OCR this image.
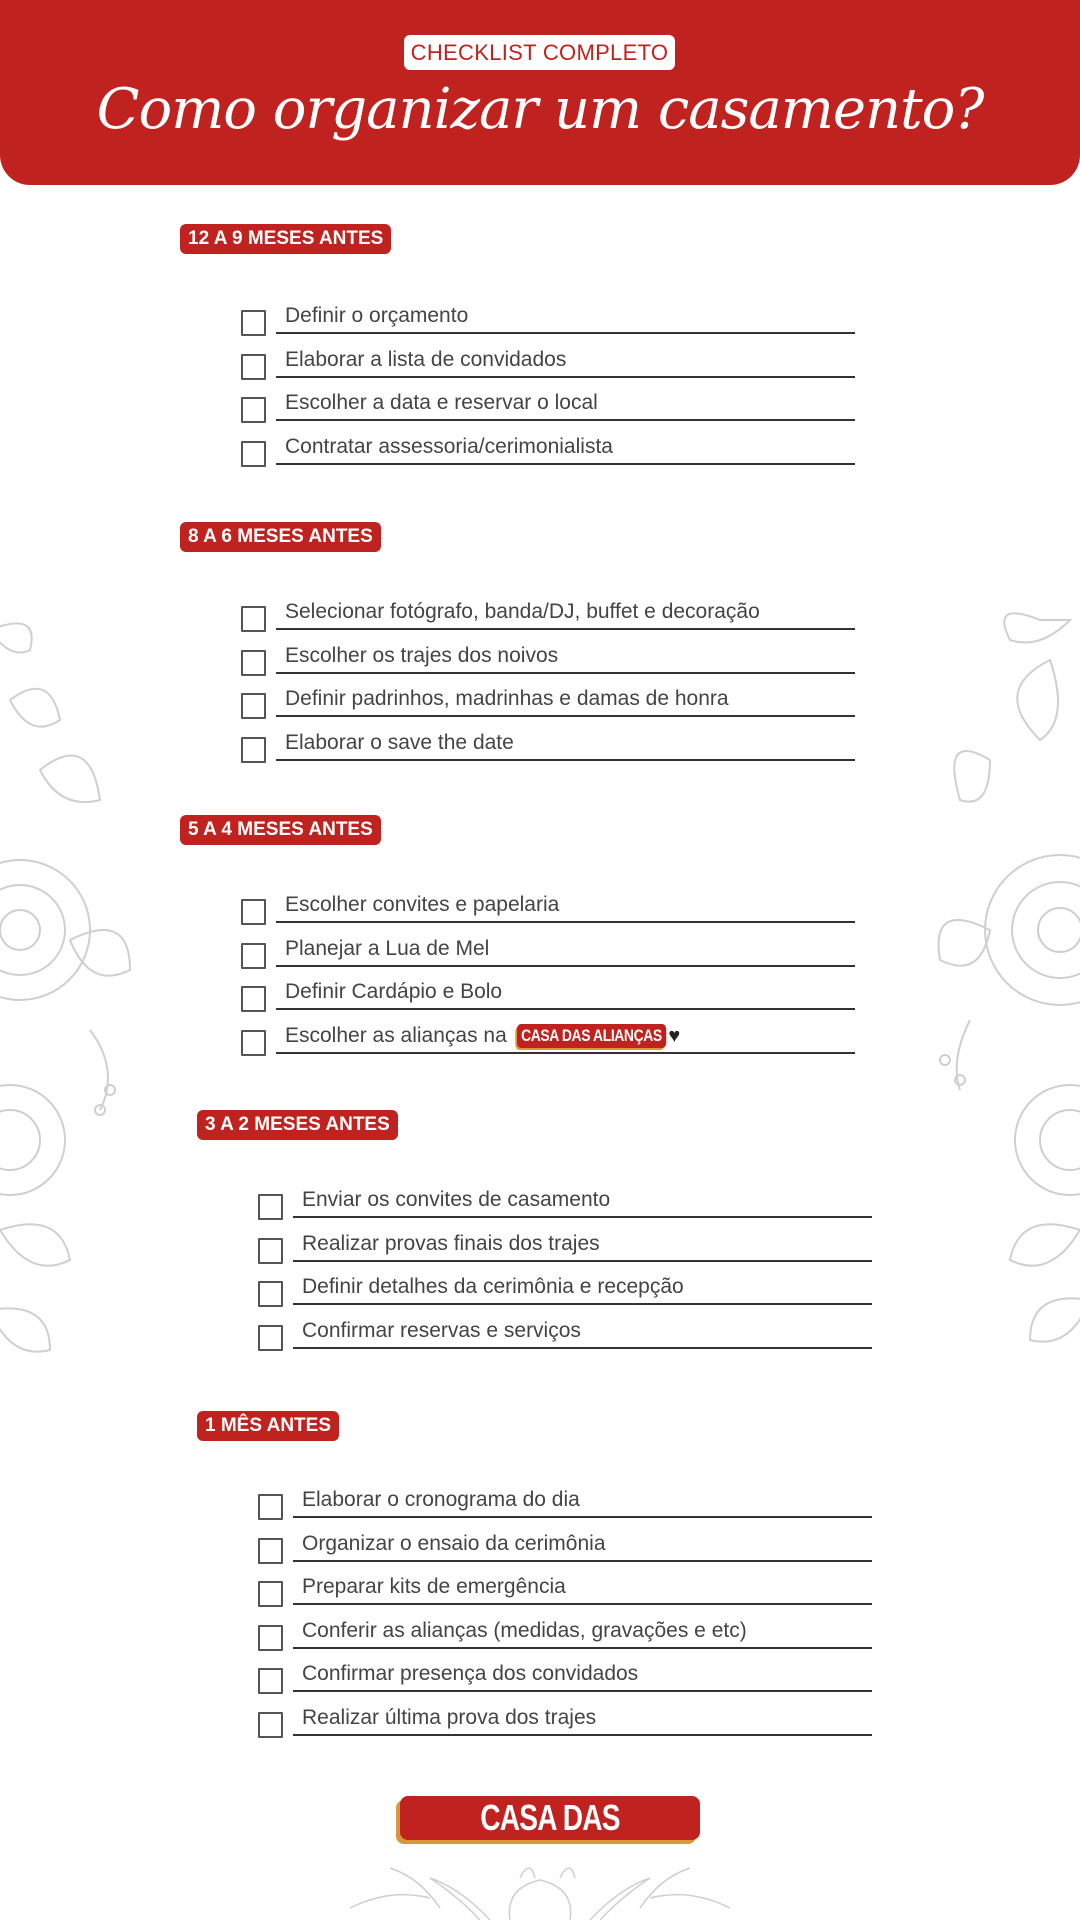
CHECKLIST COMPLETO
Como organizar um casamento?
12 A 9 MESES ANTES
Definir o orçamento
Elaborar a lista de convidados
Escolher a data e reservar o local
Contratar assessoria/cerimonialista
8 A 6 MESES ANTES
Selecionar fotógrafo, banda/DJ, buffet e decoração
Escolher os trajes dos noivos
Definir padrinhos, madrinhas e damas de honra
Elaborar o save the date
5 A 4 MESES ANTES
Escolher convites e papelaria
Planejar a Lua de Mel
Definir Cardápio e Bolo
Escolher as alianças na CASA DAS ALIANÇAS ♥
3 A 2 MESES ANTES
Enviar os convites de casamento
Realizar provas finais dos trajes
Definir detalhes da cerimônia e recepção
Confirmar reservas e serviços
1 MÊS ANTES
Elaborar o cronograma do dia
Organizar o ensaio da cerimônia
Preparar kits de emergência
Conferir as alianças (medidas, gravações e etc)
Confirmar presença dos convidados
Realizar última prova dos trajes
CASA DAS ALIANÇAS
